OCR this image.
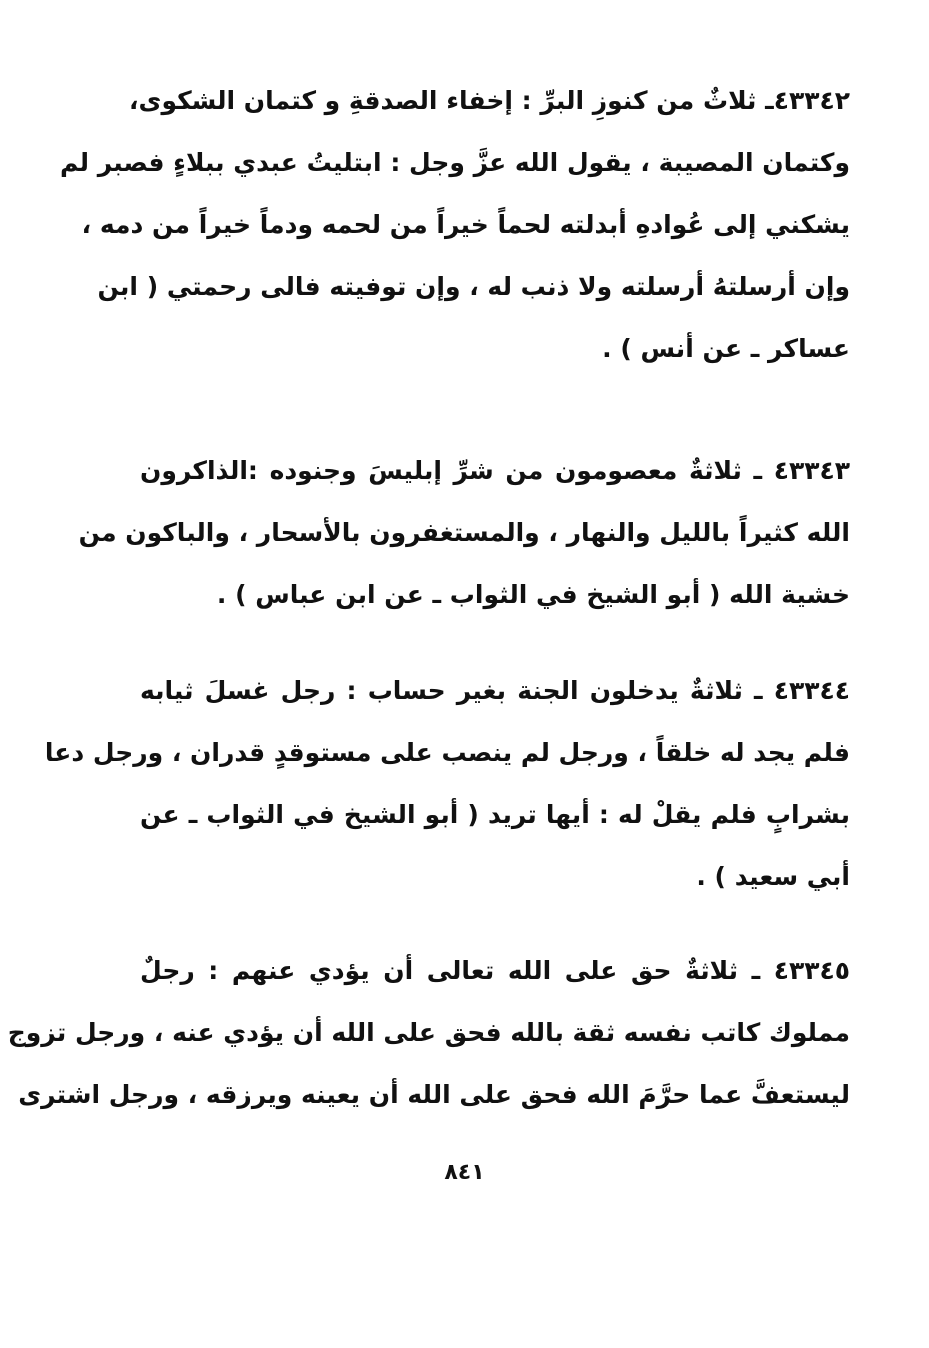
٤٣٣٤٢ـ ثلاثٌ من كنوزِ البرِّ : إخفاء الصدقةِ و كتمان الشكوى،
وكتمان المصيبة ، يقول الله عزَّ وجل : ابتليتُ عبدي ببلاءٍ فصبر لم
يشكني إلى عُوادهِ أبدلته لحماً خيراً من لحمه ودماً خيراً من دمه ،
وإن أرسلتهُ أرسلته ولا ذنب له ، وإن توفيته فالى رحمتي ( ابن
عساكر ـ عن أنس ) .
٤٣٣٤٣ ـ ثلاثةٌ معصومون من شرِّ إبليسَ وجنوده :الذاكرون
الله كثيراً بالليل والنهار ، والمستغفرون بالأسحار ، والباكون من
خشية الله ( أبو الشيخ في الثواب ـ عن ابن عباس ) .
٤٣٣٤٤ ـ ثلاثةٌ يدخلون الجنة بغير حساب : رجل غسلَ ثيابه
فلم يجد له خلقاً ، ورجل لم ينصب على مستوقدٍ قدران ، ورجل دعا
بشرابٍ فلم يقلْ له : أيها تريد ( أبو الشيخ في الثواب ـ عن
أبي سعيد ) .
٤٣٣٤٥ ـ ثلاثةٌ حق على الله تعالى أن يؤدي عنهم : رجلٌ
مملوك كاتب نفسه ثقة بالله فحق على الله أن يؤدي عنه ، ورجل تزوج
ليستعفَّ عما حرَّمَ الله فحق على الله أن يعينه ويرزقه ، ورجل اشترى
٨٤١
